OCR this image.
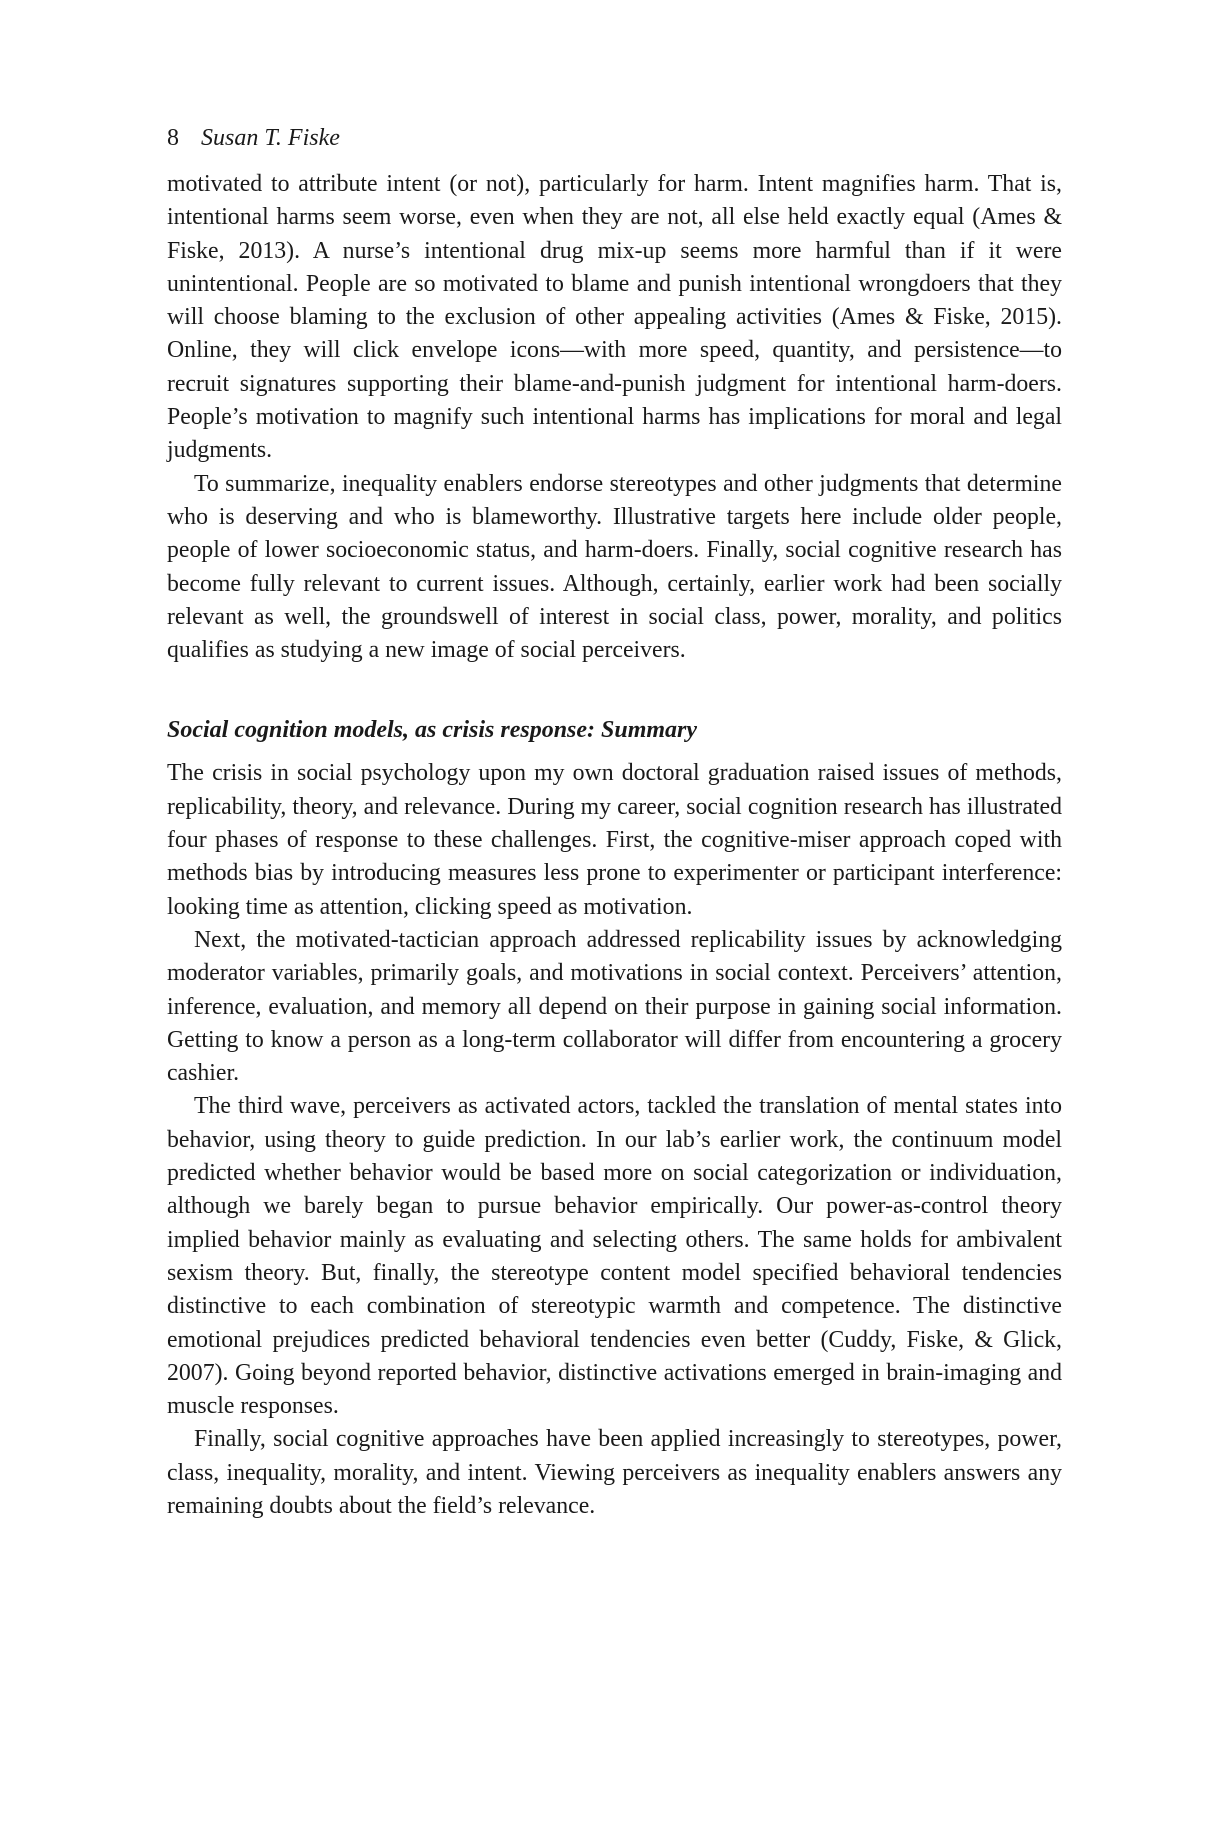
8 Susan T. Fiske

motivated to attribute intent (or not), particularly for harm. Intent magnifies harm. That is, intentional harms seem worse, even when they are not, all else held exactly equal (Ames & Fiske, 2013). A nurse’s intentional drug mix-up seems more harmful than if it were unintentional. People are so motivated to blame and punish intentional wrongdoers that they will choose blaming to the exclusion of other appealing activities (Ames & Fiske, 2015). Online, they will click envelope icons—with more speed, quantity, and persistence—to recruit signatures supporting their blame-and-punish judgment for intentional harm-doers. People’s motivation to magnify such intentional harms has implications for moral and legal judgments.

To summarize, inequality enablers endorse stereotypes and other judgments that determine who is deserving and who is blameworthy. Illustrative targets here include older people, people of lower socioeconomic status, and harm-doers. Finally, social cognitive research has become fully relevant to current issues. Although, certainly, earlier work had been socially relevant as well, the groundswell of interest in social class, power, morality, and politics qualifies as studying a new image of social perceivers.

Social cognition models, as crisis response: Summary

The crisis in social psychology upon my own doctoral graduation raised issues of methods, replicability, theory, and relevance. During my career, social cognition research has illustrated four phases of response to these challenges. First, the cognitive-miser approach coped with methods bias by introducing measures less prone to experimenter or participant interference: looking time as attention, clicking speed as motivation.

Next, the motivated-tactician approach addressed replicability issues by acknowledging moderator variables, primarily goals, and motivations in social context. Perceivers’ attention, inference, evaluation, and memory all depend on their purpose in gaining social information. Getting to know a person as a long-term collaborator will differ from encountering a grocery cashier.

The third wave, perceivers as activated actors, tackled the translation of mental states into behavior, using theory to guide prediction. In our lab’s earlier work, the continuum model predicted whether behavior would be based more on social categorization or individuation, although we barely began to pursue behavior empirically. Our power-as-control theory implied behavior mainly as evaluating and selecting others. The same holds for ambivalent sexism theory. But, finally, the stereotype content model specified behavioral tendencies distinctive to each combination of stereotypic warmth and competence. The distinctive emotional prejudices predicted behavioral tendencies even better (Cuddy, Fiske, & Glick, 2007). Going beyond reported behavior, distinctive activations emerged in brain-imaging and muscle responses.

Finally, social cognitive approaches have been applied increasingly to stereotypes, power, class, inequality, morality, and intent. Viewing perceivers as inequality enablers answers any remaining doubts about the field’s relevance.
